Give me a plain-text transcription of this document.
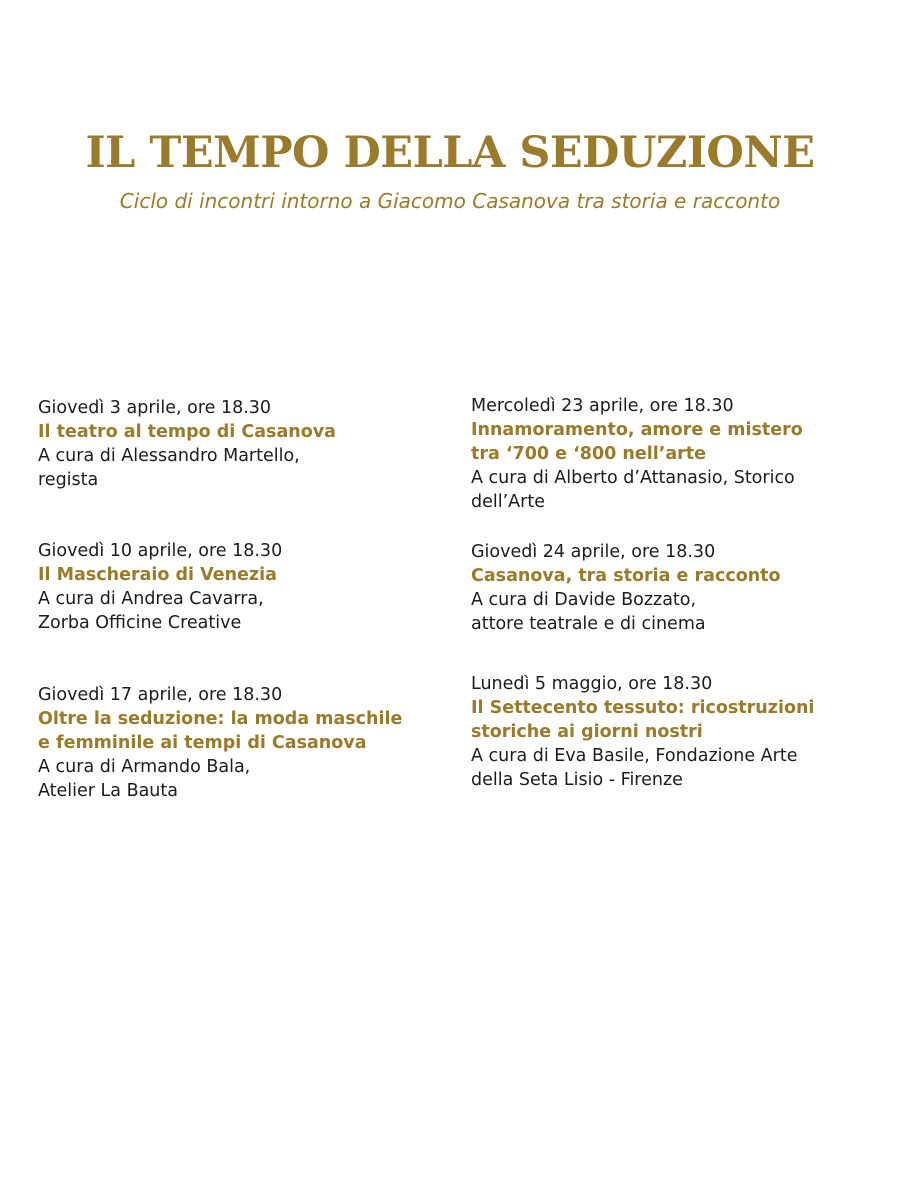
IL TEMPO DELLA SEDUZIONE

Ciclo di incontri intorno a Giacomo Casanova tra storia e racconto

Giovedì 3 aprile, ore 18.30
Il teatro al tempo di Casanova
A cura di Alessandro Martello,
regista
Mercoledì 23 aprile, ore 18.30
Innamoramento, amore e mistero
tra ‘700 e ‘800 nell’arte
A cura di Alberto d’Attanasio, Storico
dell’Arte
Giovedì 10 aprile, ore 18.30
Il Mascheraio di Venezia
A cura di Andrea Cavarra,
Zorba Officine Creative
Giovedì 24 aprile, ore 18.30
Casanova, tra storia e racconto
A cura di Davide Bozzato,
attore teatrale e di cinema
Giovedì 17 aprile, ore 18.30
Oltre la seduzione: la moda maschile
e femminile ai tempi di Casanova
A cura di Armando Bala,
Atelier La Bauta
Lunedì 5 maggio, ore 18.30
Il Settecento tessuto: ricostruzioni
storiche ai giorni nostri
A cura di Eva Basile, Fondazione Arte
della Seta Lisio - Firenze
